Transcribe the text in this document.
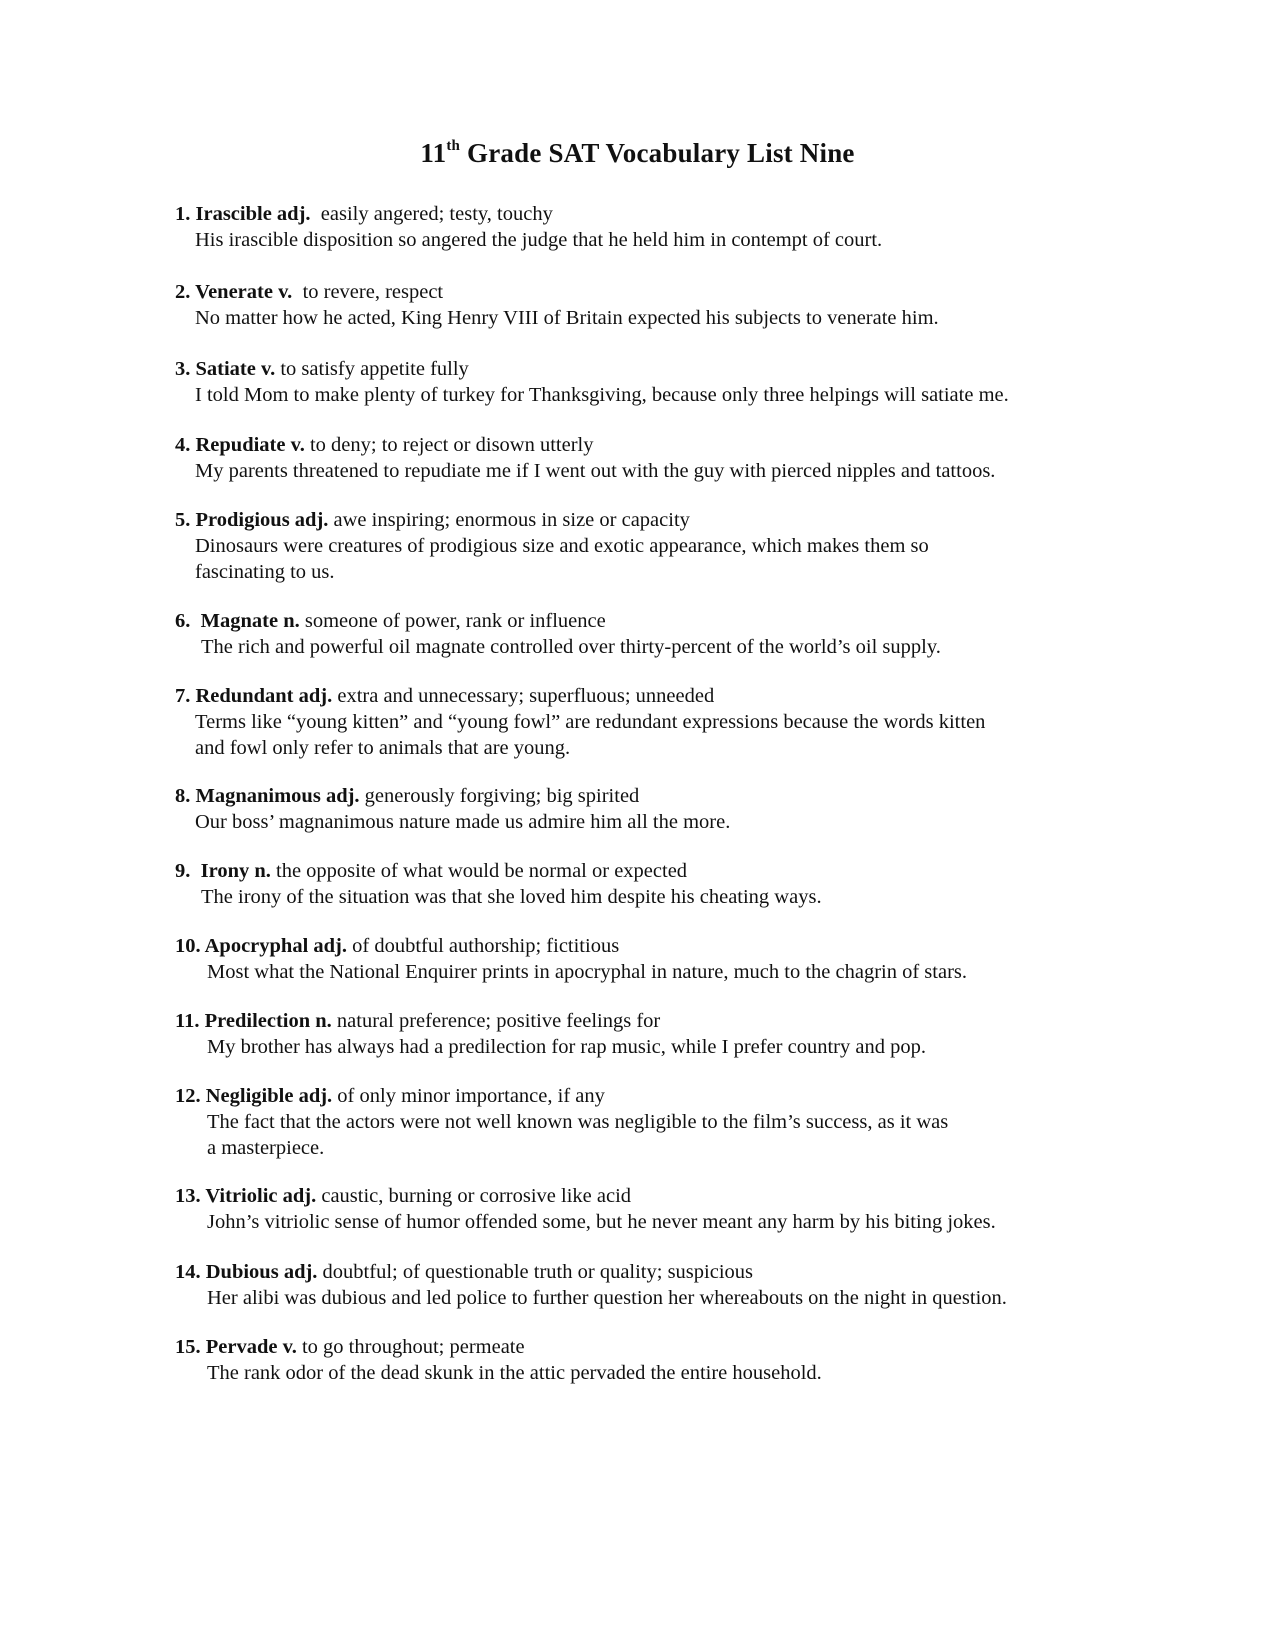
11th Grade SAT Vocabulary List Nine
1. Irascible adj. easily angered; testy, touchy
His irascible disposition so angered the judge that he held him in contempt of court.
2. Venerate v. to revere, respect
No matter how he acted, King Henry VIII of Britain expected his subjects to venerate him.
3. Satiate v. to satisfy appetite fully
I told Mom to make plenty of turkey for Thanksgiving, because only three helpings will satiate me.
4. Repudiate v. to deny; to reject or disown utterly
My parents threatened to repudiate me if I went out with the guy with pierced nipples and tattoos.
5. Prodigious adj. awe inspiring; enormous in size or capacity
Dinosaurs were creatures of prodigious size and exotic appearance, which makes them so
fascinating to us.
6. Magnate n. someone of power, rank or influence
The rich and powerful oil magnate controlled over thirty-percent of the world’s oil supply.
7. Redundant adj. extra and unnecessary; superfluous; unneeded
Terms like “young kitten” and “young fowl” are redundant expressions because the words kitten
and fowl only refer to animals that are young.
8. Magnanimous adj. generously forgiving; big spirited
Our boss’ magnanimous nature made us admire him all the more.
9. Irony n. the opposite of what would be normal or expected
The irony of the situation was that she loved him despite his cheating ways.
10. Apocryphal adj. of doubtful authorship; fictitious
Most what the National Enquirer prints in apocryphal in nature, much to the chagrin of stars.
11. Predilection n. natural preference; positive feelings for
My brother has always had a predilection for rap music, while I prefer country and pop.
12. Negligible adj. of only minor importance, if any
The fact that the actors were not well known was negligible to the film’s success, as it was
a masterpiece.
13. Vitriolic adj. caustic, burning or corrosive like acid
John’s vitriolic sense of humor offended some, but he never meant any harm by his biting jokes.
14. Dubious adj. doubtful; of questionable truth or quality; suspicious
Her alibi was dubious and led police to further question her whereabouts on the night in question.
15. Pervade v. to go throughout; permeate
The rank odor of the dead skunk in the attic pervaded the entire household.
